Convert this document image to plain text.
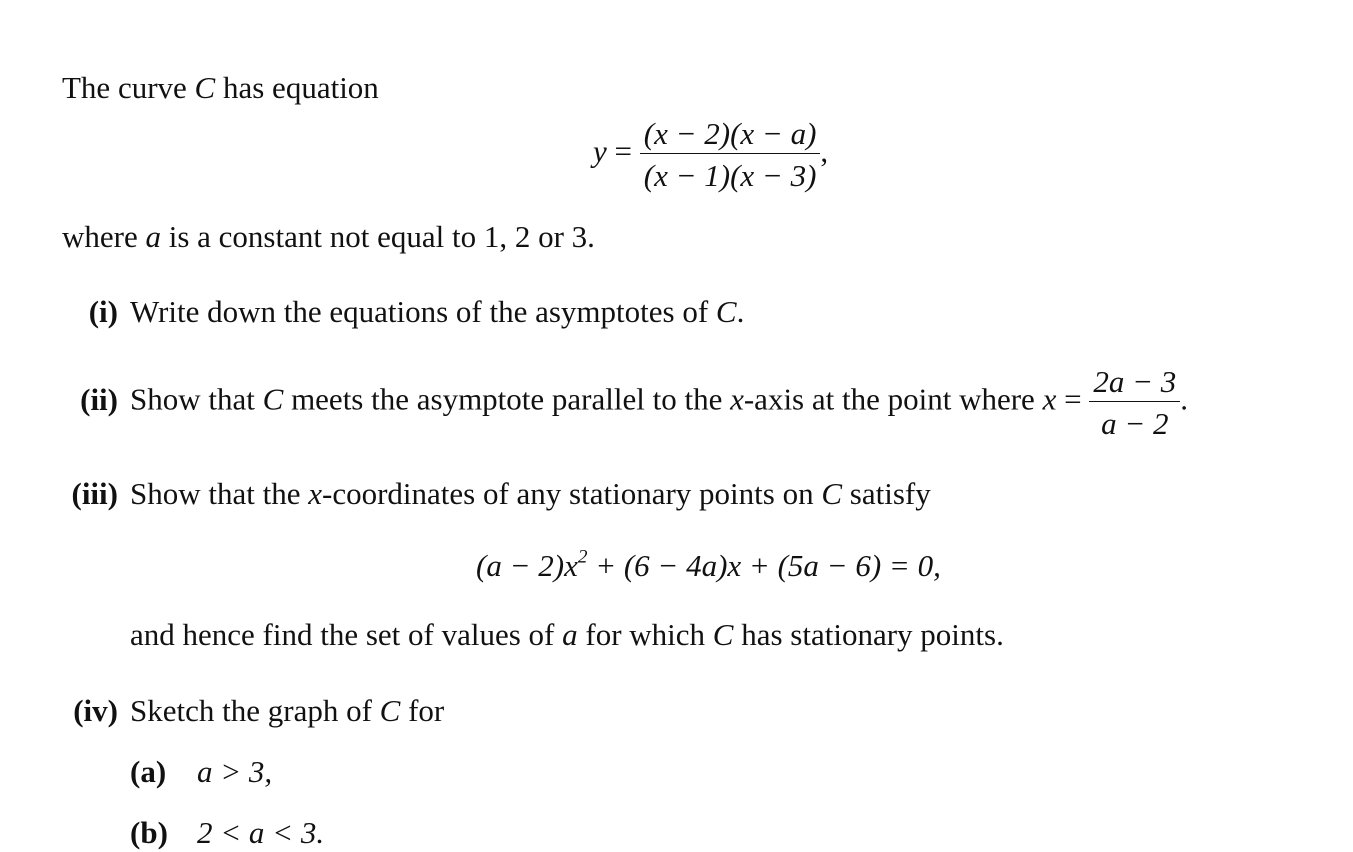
The curve C has equation
$y = \frac{(x - 2)(x - a)}{(x - 1)(x - 3)}$ ,
where a is a constant not equal to 1, 2 or 3.
(i) Write down the equations of the asymptotes of C.
(ii) Show that C meets the asymptote parallel to the x-axis at the point where $x = \frac{2a - 3}{a - 2}$ .
(iii) Show that the x-coordinates of any stationary points on C satisfy
$(a - 2)x^2 + (6 - 4a)x + (5a - 6) = 0$,
and hence find the set of values of a for which C has stationary points.
(iv) Sketch the graph of C for
(a) a > 3,
(b) 2 < a < 3.
